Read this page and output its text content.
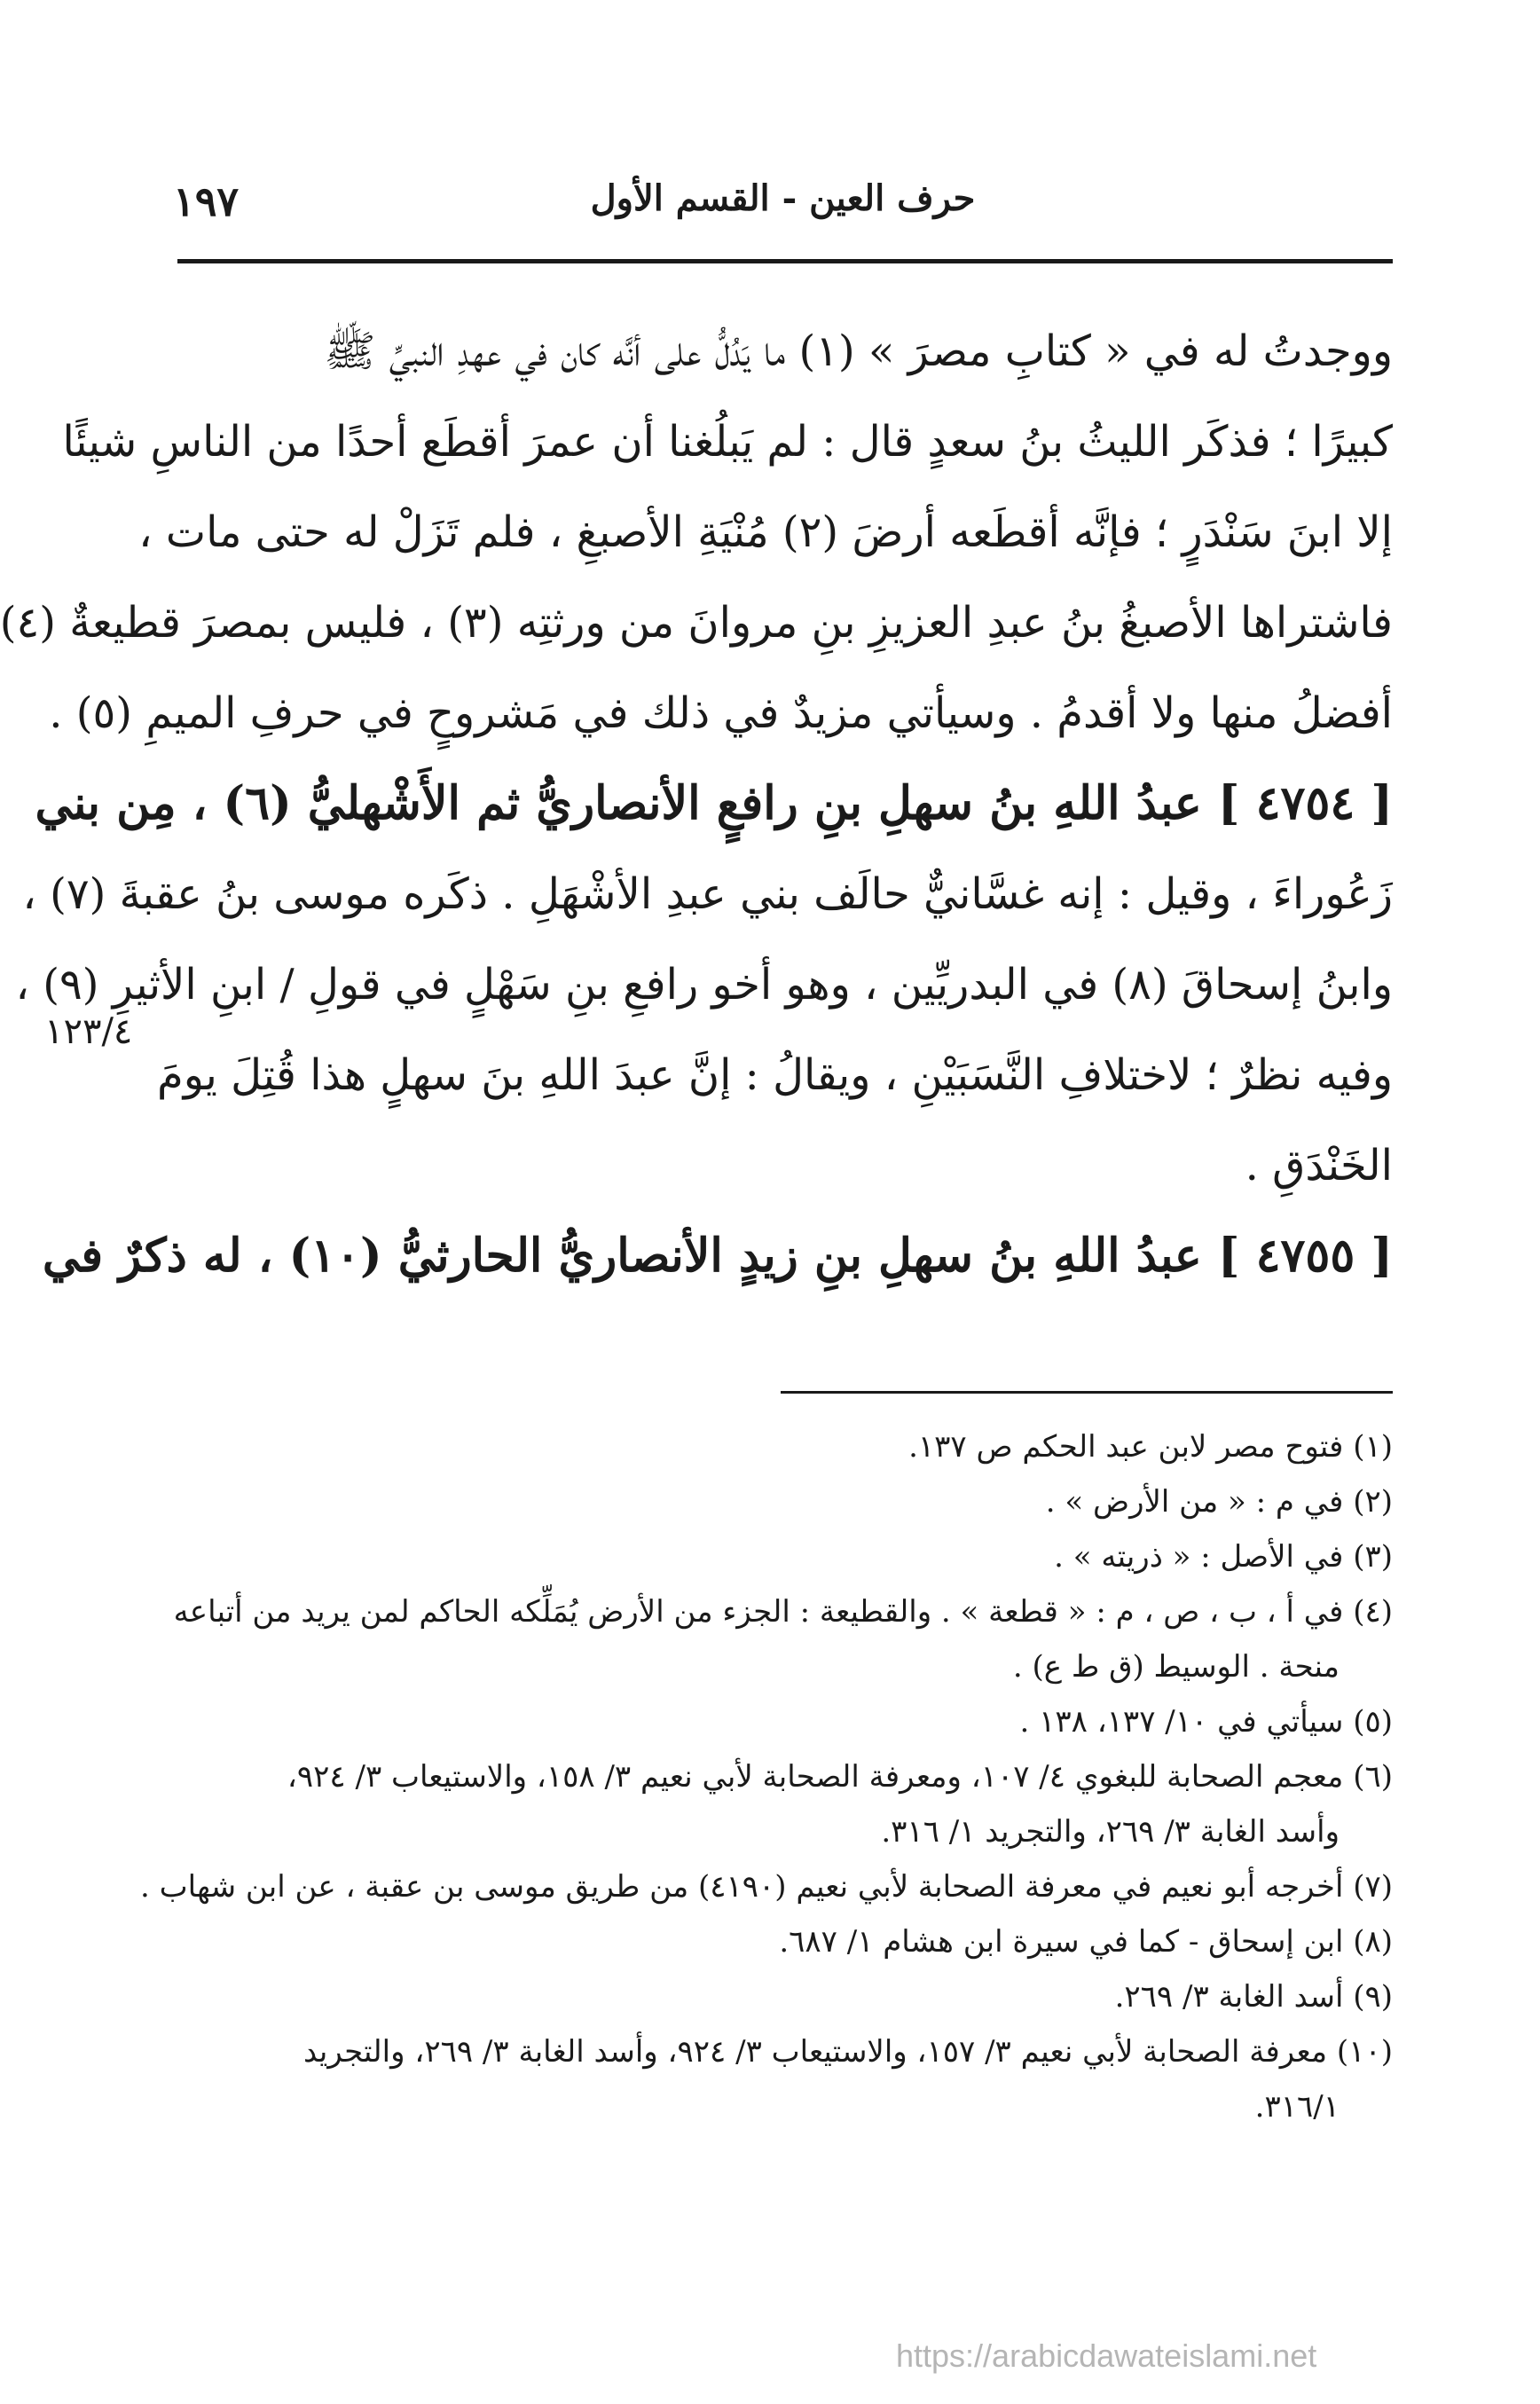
١٩٧	حرف العين - القسم الأول
ووجدتُ له في « كتابِ مصرَ » (١) ما يَدُلُّ على أنَّه كان في عهدِ النبيِّ ﷺ
كبيرًا ؛ فذكَر الليثُ بنُ سعدٍ قال : لم يَبلُغنا أن عمرَ أقطَع أحدًا من الناسِ شيئًا
إلا ابنَ سَنْدَرٍ ؛ فإنَّه أقطَعه أرضَ (٢) مُنْيَةِ الأصبغِ ، فلم تَزَلْ له حتى مات ،
فاشتراها الأصبغُ بنُ عبدِ العزيزِ بنِ مروانَ من ورثتِه (٣) ، فليس بمصرَ قطيعةٌ (٤)
أفضلُ منها ولا أقدمُ . وسيأتي مزيدٌ في ذلك في مَشروحٍ في حرفِ الميمِ (٥) .
[ ٤٧٥٤ ] عبدُ اللهِ بنُ سهلِ بنِ رافعٍ الأنصاريُّ ثم الأَشْهليُّ (٦) ، مِن بني
زَعُوراءَ ، وقيل : إنه غسَّانيٌّ حالَف بني عبدِ الأشْهَلِ . ذكَره موسى بنُ عقبةَ (٧) ،
وابنُ إسحاقَ (٨) في البدريِّين ، وهو أخو رافعِ بنِ سَهْلٍ في قولِ / ابنِ الأثيرِ (٩) ،
وفيه نظرٌ ؛ لاختلافِ النَّسَبَيْنِ ، ويقالُ : إنَّ عبدَ اللهِ بنَ سهلٍ هذا قُتِلَ يومَ
الخَنْدَقِ .
[ ٤٧٥٥ ] عبدُ اللهِ بنُ سهلِ بنِ زيدٍ الأنصاريُّ الحارثيُّ (١٠) ، له ذكرٌ في
١٢٣/٤
(١) فتوح مصر لابن عبد الحكم ص ١٣٧.
(٢) في م : « من الأرض » .
(٣) في الأصل : « ذريته » .
(٤) في أ ، ب ، ص ، م : « قطعة » . والقطيعة : الجزء من الأرض يُمَلِّكه الحاكم لمن يريد من أتباعه
منحة . الوسيط (ق ط ع) .
(٥) سيأتي في ١٠/ ١٣٧، ١٣٨ .
(٦) معجم الصحابة للبغوي ٤/ ١٠٧، ومعرفة الصحابة لأبي نعيم ٣/ ١٥٨، والاستيعاب ٣/ ٩٢٤،
وأسد الغابة ٣/ ٢٦٩، والتجريد ١/ ٣١٦.
(٧) أخرجه أبو نعيم في معرفة الصحابة لأبي نعيم (٤١٩٠) من طريق موسى بن عقبة ، عن ابن شهاب .
(٨) ابن إسحاق - كما في سيرة ابن هشام ١/ ٦٨٧.
(٩) أسد الغابة ٣/ ٢٦٩.
(١٠) معرفة الصحابة لأبي نعيم ٣/ ١٥٧، والاستيعاب ٣/ ٩٢٤، وأسد الغابة ٣/ ٢٦٩، والتجريد
٣١٦/١.
https://arabicdawateislami.net
